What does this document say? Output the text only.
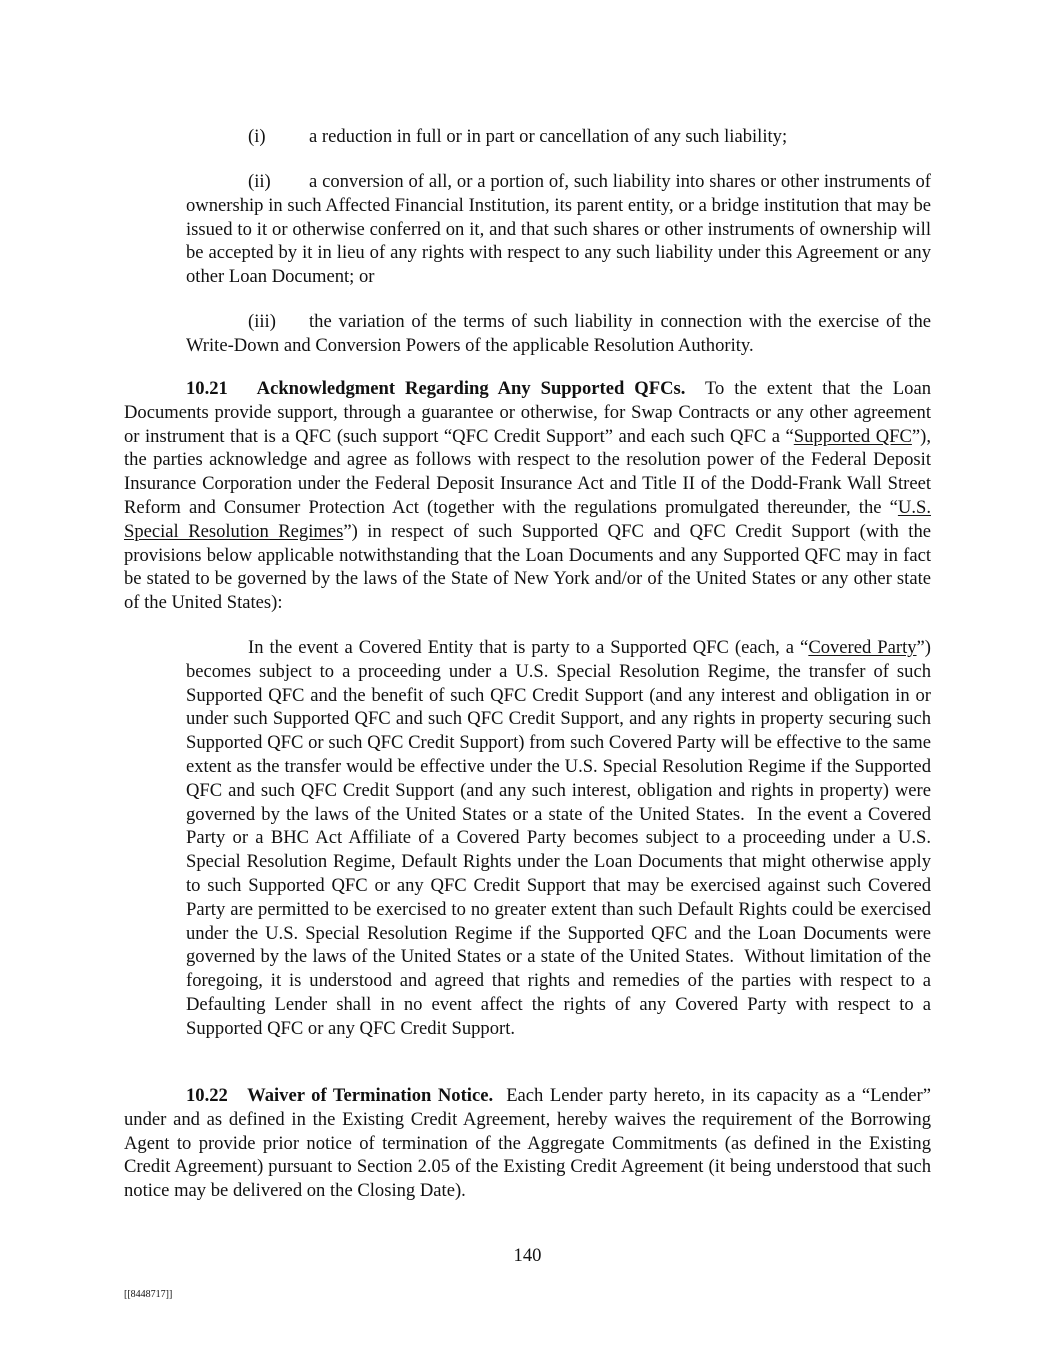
(i) a reduction in full or in part or cancellation of any such liability;

(ii) a conversion of all, or a portion of, such liability into shares or other instruments of ownership in such Affected Financial Institution, its parent entity, or a bridge institution that may be issued to it or otherwise conferred on it, and that such shares or other instruments of ownership will be accepted by it in lieu of any rights with respect to any such liability under this Agreement or any other Loan Document; or

(iii) the variation of the terms of such liability in connection with the exercise of the Write-Down and Conversion Powers of the applicable Resolution Authority.

10.21 Acknowledgment Regarding Any Supported QFCs. To the extent that the Loan Documents provide support, through a guarantee or otherwise, for Swap Contracts or any other agreement or instrument that is a QFC (such support “QFC Credit Support” and each such QFC a “Supported QFC”), the parties acknowledge and agree as follows with respect to the resolution power of the Federal Deposit Insurance Corporation under the Federal Deposit Insurance Act and Title II of the Dodd-Frank Wall Street Reform and Consumer Protection Act (together with the regulations promulgated thereunder, the “U.S. Special Resolution Regimes”) in respect of such Supported QFC and QFC Credit Support (with the provisions below applicable notwithstanding that the Loan Documents and any Supported QFC may in fact be stated to be governed by the laws of the State of New York and/or of the United States or any other state of the United States):

In the event a Covered Entity that is party to a Supported QFC (each, a “Covered Party”) becomes subject to a proceeding under a U.S. Special Resolution Regime, the transfer of such Supported QFC and the benefit of such QFC Credit Support (and any interest and obligation in or under such Supported QFC and such QFC Credit Support, and any rights in property securing such Supported QFC or such QFC Credit Support) from such Covered Party will be effective to the same extent as the transfer would be effective under the U.S. Special Resolution Regime if the Supported QFC and such QFC Credit Support (and any such interest, obligation and rights in property) were governed by the laws of the United States or a state of the United States.  In the event a Covered Party or a BHC Act Affiliate of a Covered Party becomes subject to a proceeding under a U.S. Special Resolution Regime, Default Rights under the Loan Documents that might otherwise apply to such Supported QFC or any QFC Credit Support that may be exercised against such Covered Party are permitted to be exercised to no greater extent than such Default Rights could be exercised under the U.S. Special Resolution Regime if the Supported QFC and the Loan Documents were governed by the laws of the United States or a state of the United States.  Without limitation of the foregoing, it is understood and agreed that rights and remedies of the parties with respect to a Defaulting Lender shall in no event affect the rights of any Covered Party with respect to a Supported QFC or any QFC Credit Support.

10.22 Waiver of Termination Notice. Each Lender party hereto, in its capacity as a “Lender” under and as defined in the Existing Credit Agreement, hereby waives the requirement of the Borrowing Agent to provide prior notice of termination of the Aggregate Commitments (as defined in the Existing Credit Agreement) pursuant to Section 2.05 of the Existing Credit Agreement (it being understood that such notice may be delivered on the Closing Date).

140
[[8448717]]
